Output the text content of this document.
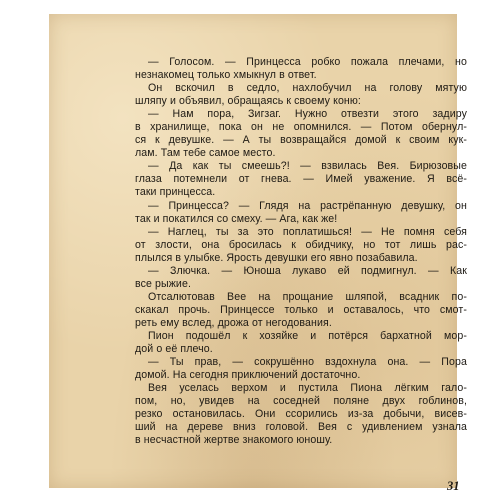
— Голосом. — Принцесса робко пожала плечами, но
незнакомец только хмыкнул в ответ.
Он вскочил в седло, нахлобучил на голову мятую
шляпу и объявил, обращаясь к своему коню:
— Нам пора, Зигзаг. Нужно отвезти этого задиру
в хранилище, пока он не опомнился. — Потом обернул-
ся к девушке. — А ты возвращайся домой к своим кук-
лам. Там тебе самое место.
— Да как ты смеешь?! — взвилась Вея. Бирюзовые
глаза потемнели от гнева. — Имей уважение. Я всё-
таки принцесса.
— Принцесса? — Глядя на растрёпанную девушку, он
так и покатился со смеху. — Ага, как же!
— Наглец, ты за это поплатишься! — Не помня себя
от злости, она бросилась к обидчику, но тот лишь рас-
плылся в улыбке. Ярость девушки его явно позабавила.
— Злючка. — Юноша лукаво ей подмигнул. — Как
все рыжие.
Отсалютовав Вее на прощание шляпой, всадник по-
скакал прочь. Принцессе только и оставалось, что смот-
реть ему вслед, дрожа от негодования.
Пион подошёл к хозяйке и потёрся бархатной мор-
дой о её плечо.
— Ты прав, — сокрушённо вздохнула она. — Пора
домой. На сегодня приключений достаточно.
Вея уселась верхом и пустила Пиона лёгким гало-
пом, но, увидев на соседней поляне двух гоблинов,
резко остановилась. Они ссорились из-за добычи, висев-
ший на дереве вниз головой. Вея с удивлением узнала
в несчастной жертве знакомого юношу.
31
